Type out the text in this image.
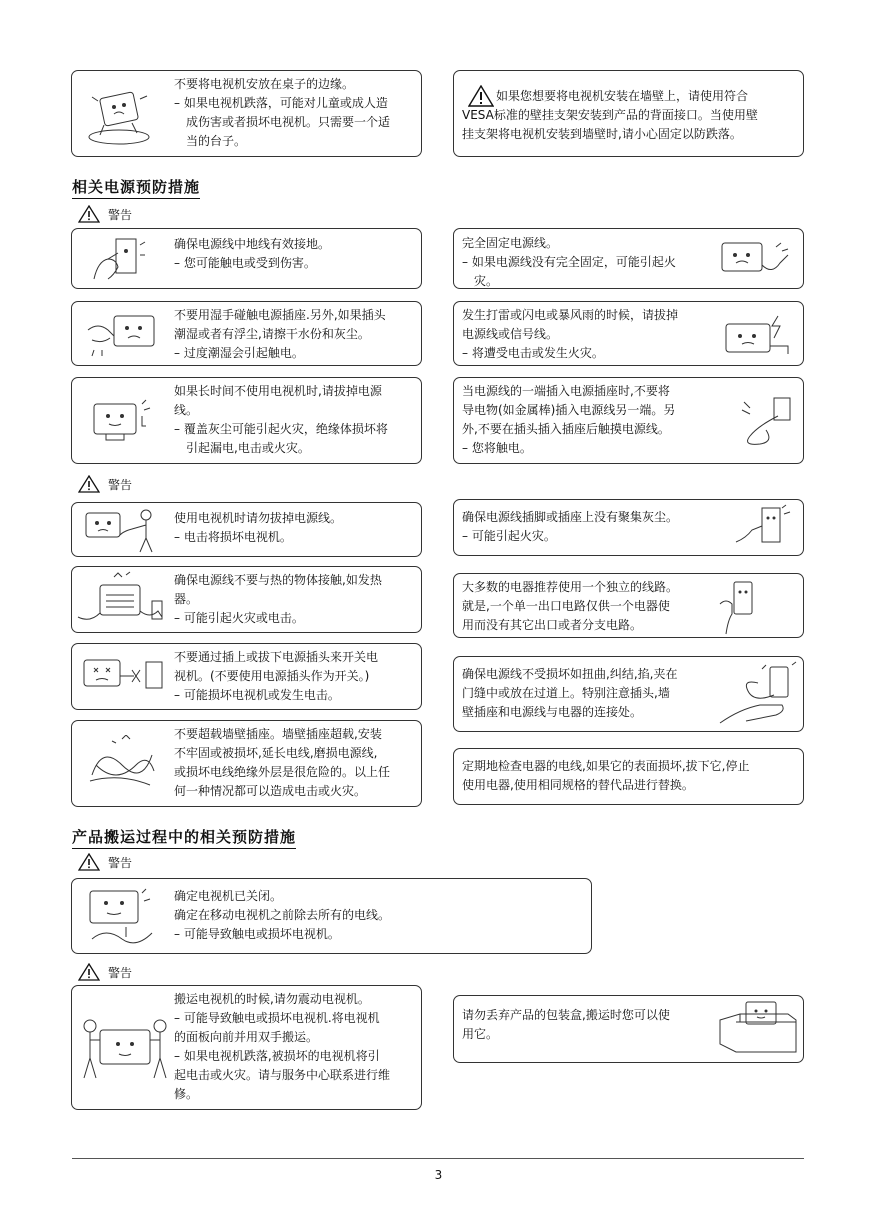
不要将电视机安放在桌子的边缘。
– 如果电视机跌落，可能对儿童或成人造
成伤害或者损坏电视机。只需要一个适
当的台子。
如果您想要将电视机安装在墙壁上，请使用符合
VESA标准的壁挂支架安装到产品的背面接口。当使用壁
挂支架将电视机安装到墙壁时,请小心固定以防跌落。
相关电源预防措施
警告
确保电源线中地线有效接地。
– 您可能触电或受到伤害。
完全固定电源线。
– 如果电源线没有完全固定，可能引起火
灾。
不要用湿手碰触电源插座.另外,如果插头
潮湿或者有浮尘,请擦干水份和灰尘。
– 过度潮湿会引起触电。
发生打雷或闪电或暴风雨的时候，请拔掉
电源线或信号线。
– 将遭受电击或发生火灾。
如果长时间不使用电视机时,请拔掉电源
线。
– 覆盖灰尘可能引起火灾，绝缘体损坏将
引起漏电,电击或火灾。
当电源线的一端插入电源插座时,不要将
导电物(如金属棒)插入电源线另一端。另
外,不要在插头插入插座后触摸电源线。
– 您将触电。
警告
使用电视机时请勿拔掉电源线。
– 电击将损坏电视机。
确保电源线插脚或插座上没有聚集灰尘。
– 可能引起火灾。
确保电源线不要与热的物体接触,如发热
器。
– 可能引起火灾或电击。
大多数的电器推荐使用一个独立的线路。
就是,一个单一出口电路仅供一个电器使
用而没有其它出口或者分支电路。
不要通过插上或拔下电源插头来开关电
视机。(不要使用电源插头作为开关。)
– 可能损坏电视机或发生电击。
确保电源线不受损坏如扭曲,纠结,掐,夹在
门缝中或放在过道上。特别注意插头,墙
壁插座和电源线与电器的连接处。
不要超载墙壁插座。墙壁插座超载,安装
不牢固或被损坏,延长电线,磨损电源线,
或损坏电线绝缘外层是很危险的。以上任
何一种情况都可以造成电击或火灾。
定期地检查电器的电线,如果它的表面损坏,拔下它,停止
使用电器,使用相同规格的替代品进行替换。
产品搬运过程中的相关预防措施
警告
确定电视机已关闭。
确定在移动电视机之前除去所有的电线。
– 可能导致触电或损坏电视机。
警告
搬运电视机的时候,请勿震动电视机。
– 可能导致触电或损坏电视机.将电视机
的面板向前并用双手搬运。
– 如果电视机跌落,被损坏的电视机将引
起电击或火灾。请与服务中心联系进行维
修。
请勿丢弃产品的包装盒,搬运时您可以使
用它。
3
